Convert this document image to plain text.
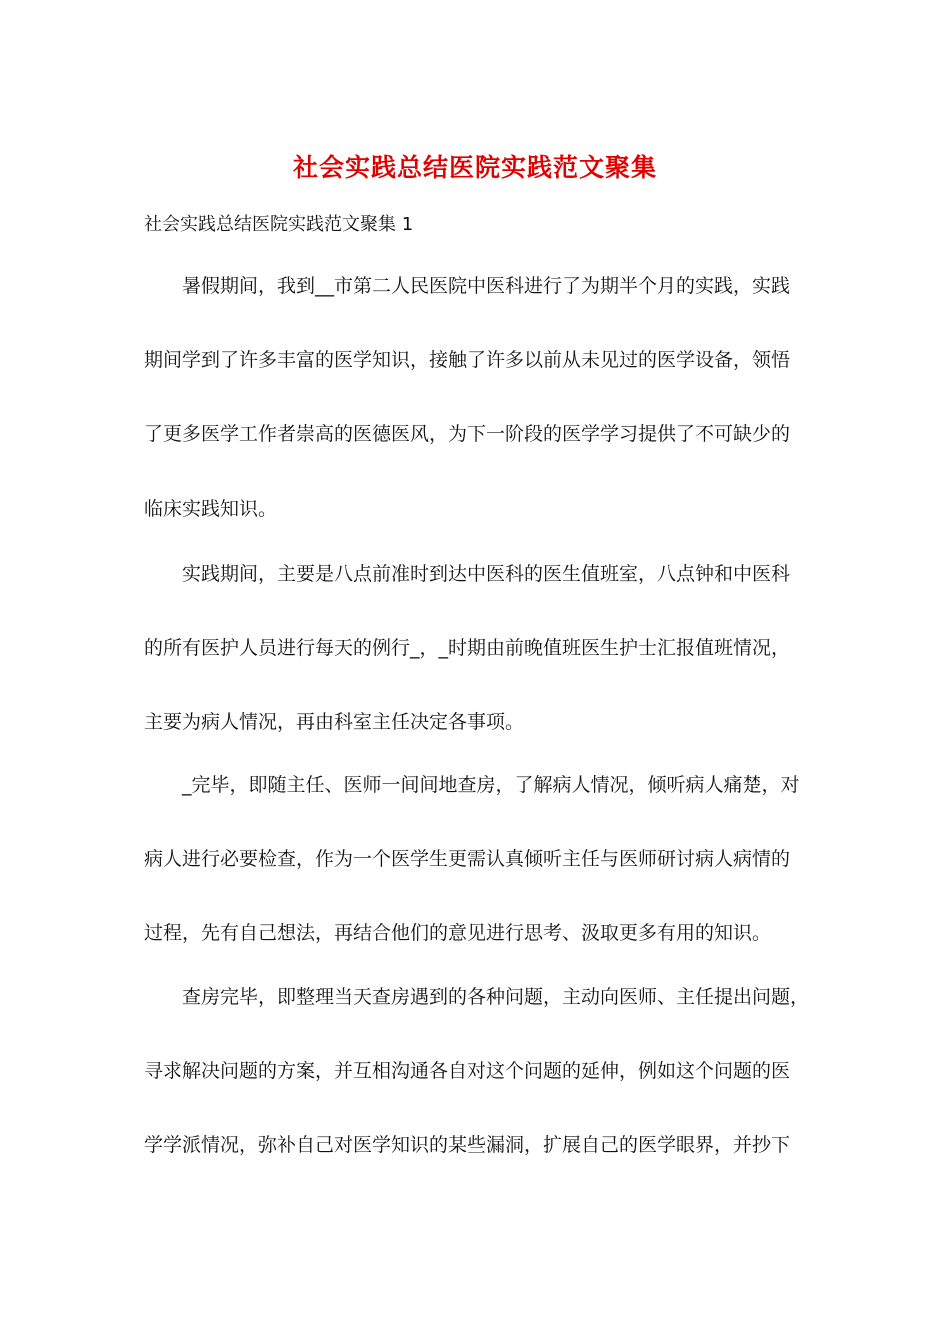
社会实践总结医院实践范文聚集
社会实践总结医院实践范文聚集 1
暑假期间，我到__市第二人民医院中医科进行了为期半个月的实践，实践
期间学到了许多丰富的医学知识，接触了许多以前从未见过的医学设备，领悟
了更多医学工作者崇高的医德医风，为下一阶段的医学学习提供了不可缺少的
临床实践知识。
实践期间，主要是八点前准时到达中医科的医生值班室，八点钟和中医科
的所有医护人员进行每天的例行_，_时期由前晚值班医生护士汇报值班情况，
主要为病人情况，再由科室主任决定各事项。
_完毕，即随主任、医师一间间地查房，了解病人情况，倾听病人痛楚，对
病人进行必要检查，作为一个医学生更需认真倾听主任与医师研讨病人病情的
过程，先有自己想法，再结合他们的意见进行思考、汲取更多有用的知识。
查房完毕，即整理当天查房遇到的各种问题，主动向医师、主任提出问题，
寻求解决问题的方案，并互相沟通各自对这个问题的延伸，例如这个问题的医
学学派情况，弥补自己对医学知识的某些漏洞，扩展自己的医学眼界，并抄下
